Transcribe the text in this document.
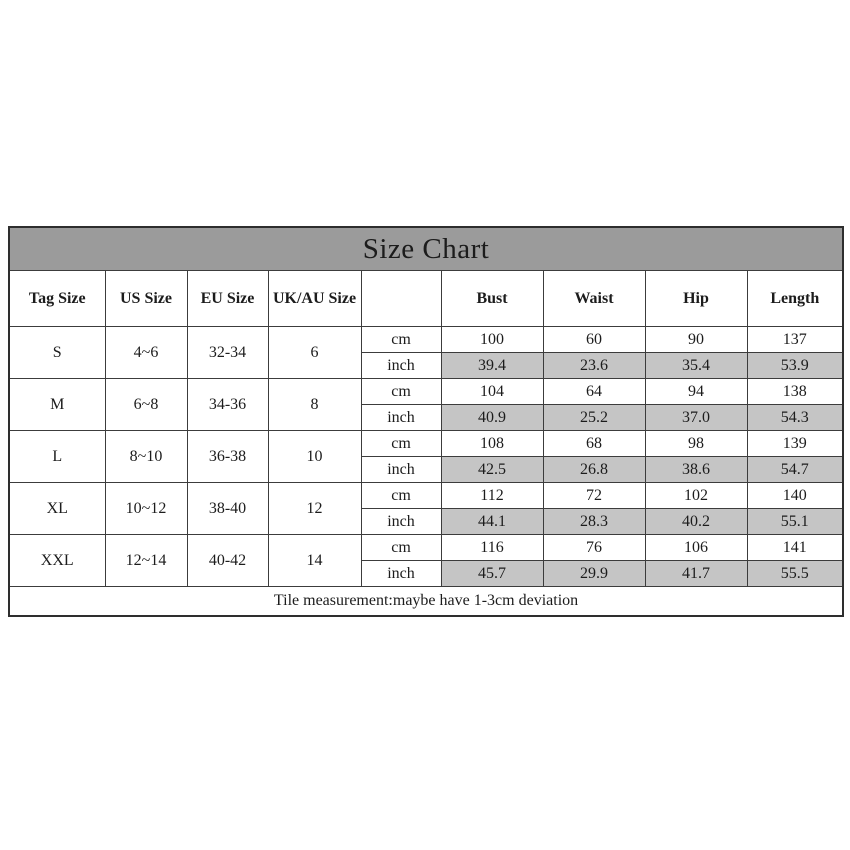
Size Chart								
Tag Size	US Size	EU Size	UK/AU Size		Bust	Waist	Hip	Length
S	4~6	32-34	6	cm	100	60	90	137
				inch	39.4	23.6	35.4	53.9
M	6~8	34-36	8	cm	104	64	94	138
				inch	40.9	25.2	37.0	54.3
L	8~10	36-38	10	cm	108	68	98	139
				inch	42.5	26.8	38.6	54.7
XL	10~12	38-40	12	cm	112	72	102	140
				inch	44.1	28.3	40.2	55.1
XXL	12~14	40-42	14	cm	116	76	106	141
				inch	45.7	29.9	41.7	55.5
Tile measurement:maybe have 1-3cm deviation								
